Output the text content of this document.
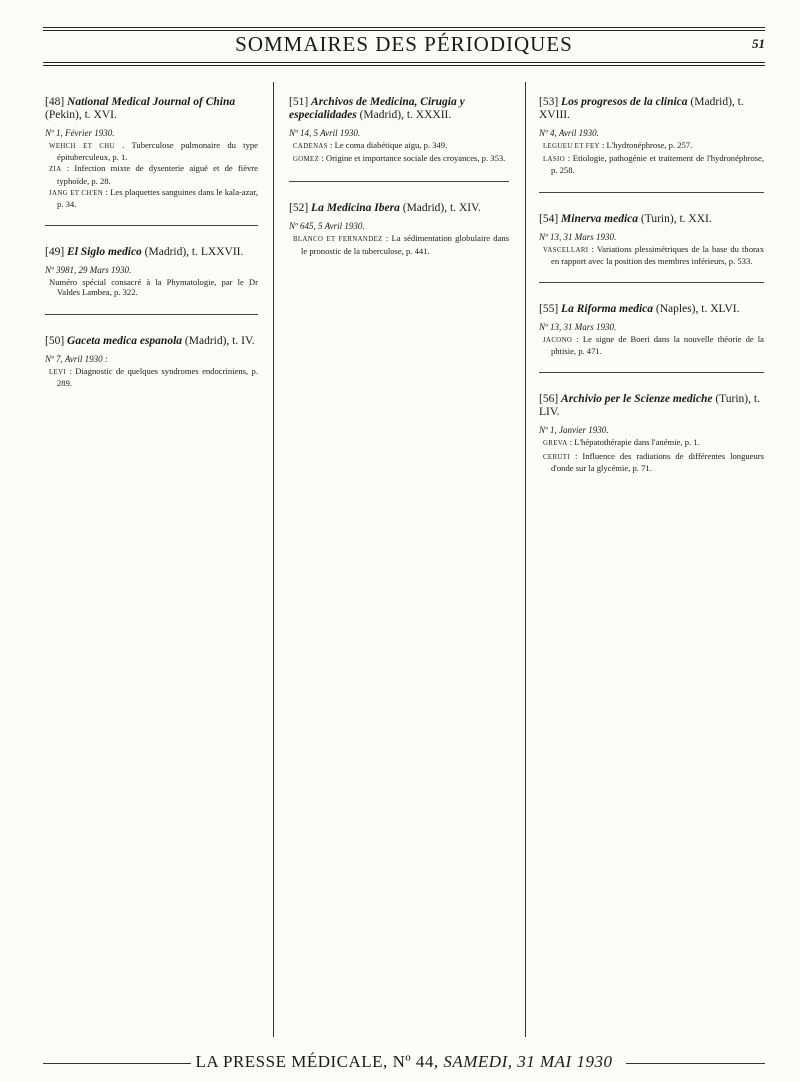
SOMMAIRES DES PÉRIODIQUES	51
[48] National Medical Journal of China (Pekin), t. XVI.
Nº 1, Février 1930.
WEHCH ET CHU . Tuberculose pulmonaire du type épituberculeux, p. 1.
ZIA : Infection mixte de dysenterie aiguë et de fièvre typhoïde, p. 28.
JANG ET CH'EN : Les plaquettes sanguines dans le kala-azar, p. 34.
[49] El Siglo medico (Madrid), t. LXXVII.
Nº 3981, 29 Mars 1930.
Numéro spécial consacré à la Phymatologie, par le Dr Valdes Lambea, p. 322.
[50] Gaceta medica espanola (Madrid), t. IV.
Nº 7, Avril 1930 :
LEVI : Diagnostic de quelques syndromes endocriniens, p. 289.
[51] Archivos de Medicina, Cirugia y especialidades (Madrid), t. XXXII.
Nº 14, 5 Avril 1930.
CADENAS : Le coma diabétique aigu, p. 349.
GOMEZ : Origine et importance sociale des croyances, p. 353.
[52] La Medicina Ibera (Madrid), t. XIV.
Nº 645, 5 Avril 1930.
BLANCO ET FERNANDEZ : La sédimentation globulaire dans le pronostic de la tuberculose, p. 441.
[53] Los progresos de la clinica (Madrid), t. XVIII.
Nº 4, Avril 1930.
LEGUEU ET FEY : L'hydronéphrose, p. 257.
LASIO : Etiologie, pathogénie et traitement de l'hydronéphrose, p. 258.
[54] Minerva medica (Turin), t. XXI.
Nº 13, 31 Mars 1930.
VASCELLARI : Variations plessimétriques de la base du thorax en rapport avec la position des membres inférieurs, p. 533.
[55] La Riforma medica (Naples), t. XLVI.
Nº 13, 31 Mars 1930.
JACONO : Le signe de Boeri dans la nouvelle théorie de la phtisie, p. 471.
[56] Archivio per le Scienze mediche (Turin), t. LIV.
Nº 1, Janvier 1930.
GREVA : L'hépatothérapie dans l'anémie, p. 1.
CERUTI : Influence des radiations de différentes longueurs d'onde sur la glycémie, p. 71.
LA PRESSE MÉDICALE, Nº 44, SAMEDI, 31 MAI 1930
